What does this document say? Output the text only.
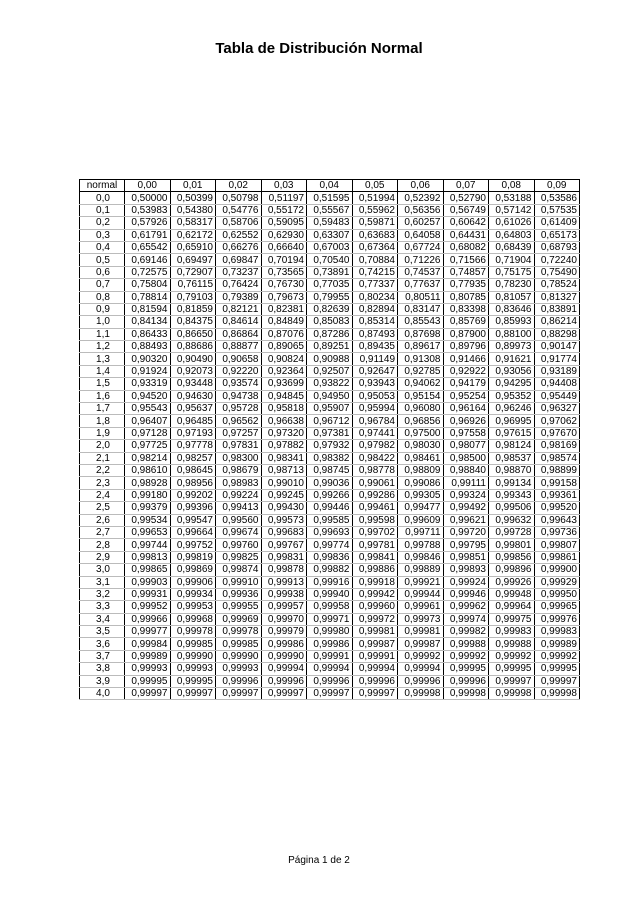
Tabla de Distribución Normal
normal	0,00	0,01	0,02	0,03	0,04	0,05	0,06	0,07	0,08	0,09
0,0	0,50000	0,50399	0,50798	0,51197	0,51595	0,51994	0,52392	0,52790	0,53188	0,53586
0,1	0,53983	0,54380	0,54776	0,55172	0,55567	0,55962	0,56356	0,56749	0,57142	0,57535
0,2	0,57926	0,58317	0,58706	0,59095	0,59483	0,59871	0,60257	0,60642	0,61026	0,61409
0,3	0,61791	0,62172	0,62552	0,62930	0,63307	0,63683	0,64058	0,64431	0,64803	0,65173
0,4	0,65542	0,65910	0,66276	0,66640	0,67003	0,67364	0,67724	0,68082	0,68439	0,68793
0,5	0,69146	0,69497	0,69847	0,70194	0,70540	0,70884	0,71226	0,71566	0,71904	0,72240
0,6	0,72575	0,72907	0,73237	0,73565	0,73891	0,74215	0,74537	0,74857	0,75175	0,75490
0,7	0,75804	0,76115	0,76424	0,76730	0,77035	0,77337	0,77637	0,77935	0,78230	0,78524
0,8	0,78814	0,79103	0,79389	0,79673	0,79955	0,80234	0,80511	0,80785	0,81057	0,81327
0,9	0,81594	0,81859	0,82121	0,82381	0,82639	0,82894	0,83147	0,83398	0,83646	0,83891
1,0	0,84134	0,84375	0,84614	0,84849	0,85083	0,85314	0,85543	0,85769	0,85993	0,86214
1,1	0,86433	0,86650	0,86864	0,87076	0,87286	0,87493	0,87698	0,87900	0,88100	0,88298
1,2	0,88493	0,88686	0,88877	0,89065	0,89251	0,89435	0,89617	0,89796	0,89973	0,90147
1,3	0,90320	0,90490	0,90658	0,90824	0,90988	0,91149	0,91308	0,91466	0,91621	0,91774
1,4	0,91924	0,92073	0,92220	0,92364	0,92507	0,92647	0,92785	0,92922	0,93056	0,93189
1,5	0,93319	0,93448	0,93574	0,93699	0,93822	0,93943	0,94062	0,94179	0,94295	0,94408
1,6	0,94520	0,94630	0,94738	0,94845	0,94950	0,95053	0,95154	0,95254	0,95352	0,95449
1,7	0,95543	0,95637	0,95728	0,95818	0,95907	0,95994	0,96080	0,96164	0,96246	0,96327
1,8	0,96407	0,96485	0,96562	0,96638	0,96712	0,96784	0,96856	0,96926	0,96995	0,97062
1,9	0,97128	0,97193	0,97257	0,97320	0,97381	0,97441	0,97500	0,97558	0,97615	0,97670
2,0	0,97725	0,97778	0,97831	0,97882	0,97932	0,97982	0,98030	0,98077	0,98124	0,98169
2,1	0,98214	0,98257	0,98300	0,98341	0,98382	0,98422	0,98461	0,98500	0,98537	0,98574
2,2	0,98610	0,98645	0,98679	0,98713	0,98745	0,98778	0,98809	0,98840	0,98870	0,98899
2,3	0,98928	0,98956	0,98983	0,99010	0,99036	0,99061	0,99086	0,99111	0,99134	0,99158
2,4	0,99180	0,99202	0,99224	0,99245	0,99266	0,99286	0,99305	0,99324	0,99343	0,99361
2,5	0,99379	0,99396	0,99413	0,99430	0,99446	0,99461	0,99477	0,99492	0,99506	0,99520
2,6	0,99534	0,99547	0,99560	0,99573	0,99585	0,99598	0,99609	0,99621	0,99632	0,99643
2,7	0,99653	0,99664	0,99674	0,99683	0,99693	0,99702	0,99711	0,99720	0,99728	0,99736
2,8	0,99744	0,99752	0,99760	0,99767	0,99774	0,99781	0,99788	0,99795	0,99801	0,99807
2,9	0,99813	0,99819	0,99825	0,99831	0,99836	0,99841	0,99846	0,99851	0,99856	0,99861
3,0	0,99865	0,99869	0,99874	0,99878	0,99882	0,99886	0,99889	0,99893	0,99896	0,99900
3,1	0,99903	0,99906	0,99910	0,99913	0,99916	0,99918	0,99921	0,99924	0,99926	0,99929
3,2	0,99931	0,99934	0,99936	0,99938	0,99940	0,99942	0,99944	0,99946	0,99948	0,99950
3,3	0,99952	0,99953	0,99955	0,99957	0,99958	0,99960	0,99961	0,99962	0,99964	0,99965
3,4	0,99966	0,99968	0,99969	0,99970	0,99971	0,99972	0,99973	0,99974	0,99975	0,99976
3,5	0,99977	0,99978	0,99978	0,99979	0,99980	0,99981	0,99981	0,99982	0,99983	0,99983
3,6	0,99984	0,99985	0,99985	0,99986	0,99986	0,99987	0,99987	0,99988	0,99988	0,99989
3,7	0,99989	0,99990	0,99990	0,99990	0,99991	0,99991	0,99992	0,99992	0,99992	0,99992
3,8	0,99993	0,99993	0,99993	0,99994	0,99994	0,99994	0,99994	0,99995	0,99995	0,99995
3,9	0,99995	0,99995	0,99996	0,99996	0,99996	0,99996	0,99996	0,99996	0,99997	0,99997
4,0	0,99997	0,99997	0,99997	0,99997	0,99997	0,99997	0,99998	0,99998	0,99998	0,99998
Página 1 de 2
